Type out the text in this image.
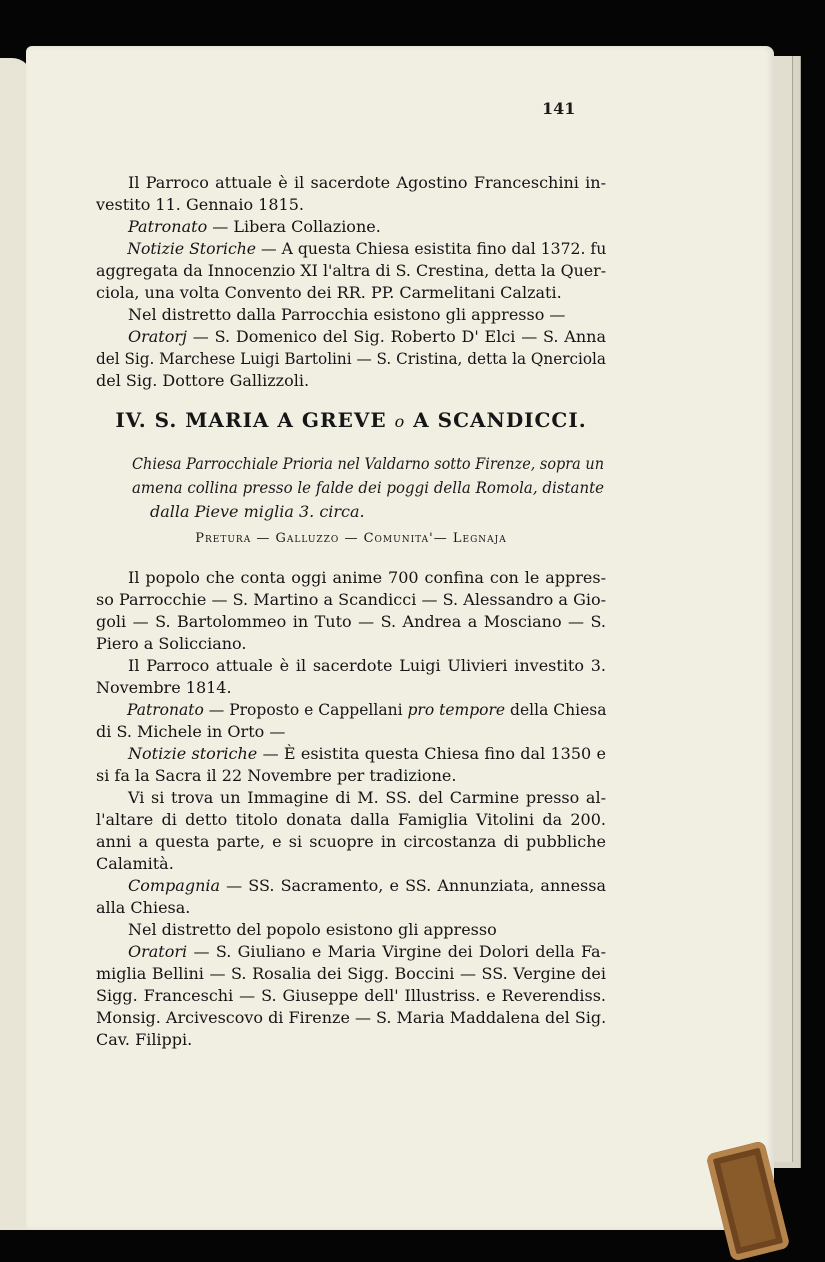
141
Il Parroco attuale è il sacerdote Agostino Franceschini in-
vestito 11. Gennaio 1815.
Patronato — Libera Collazione.
Notizie Storiche — A questa Chiesa esistita fino dal 1372. fu
aggregata da Innocenzio XI l'altra di S. Crestina, detta la Quer-
ciola, una volta Convento dei RR. PP. Carmelitani Calzati.
Nel distretto dalla Parrocchia esistono gli appresso —
Oratorj — S. Domenico del Sig. Roberto D' Elci — S. Anna
del Sig. Marchese Luigi Bartolini — S. Cristina, detta la Qnerciola
del Sig. Dottore Gallizzoli.
IV. S. MARIA A GREVE o A SCANDICCI.
Chiesa Parrocchiale Prioria nel Valdarno sotto Firenze, sopra un
amena collina presso le falde dei poggi della Romola, distante
dalla Pieve miglia 3. circa.
Pretura — Galluzzo — Comunita'— Legnaja
Il popolo che conta oggi anime 700 confina con le appres-
so Parrocchie — S. Martino a Scandicci — S. Alessandro a Gio-
goli — S. Bartolommeo in Tuto — S. Andrea a Mosciano — S.
Piero a Solicciano.
Il Parroco attuale è il sacerdote Luigi Ulivieri investito 3.
Novembre 1814.
Patronato — Proposto e Cappellani pro tempore della Chiesa
di S. Michele in Orto —
Notizie storiche — È esistita questa Chiesa fino dal 1350 e
si fa la Sacra il 22 Novembre per tradizione.
Vi si trova un Immagine di M. SS. del Carmine presso al-
l'altare di detto titolo donata dalla Famiglia Vitolini da 200.
anni a questa parte, e si scuopre in circostanza di pubbliche
Calamità.
Compagnia — SS. Sacramento, e SS. Annunziata, annessa
alla Chiesa.
Nel distretto del popolo esistono gli appresso
Oratori — S. Giuliano e Maria Virgine dei Dolori della Fa-
miglia Bellini — S. Rosalia dei Sigg. Boccini — SS. Vergine dei
Sigg. Franceschi — S. Giuseppe dell' Illustriss. e Reverendiss.
Monsig. Arcivescovo di Firenze — S. Maria Maddalena del Sig.
Cav. Filippi.
